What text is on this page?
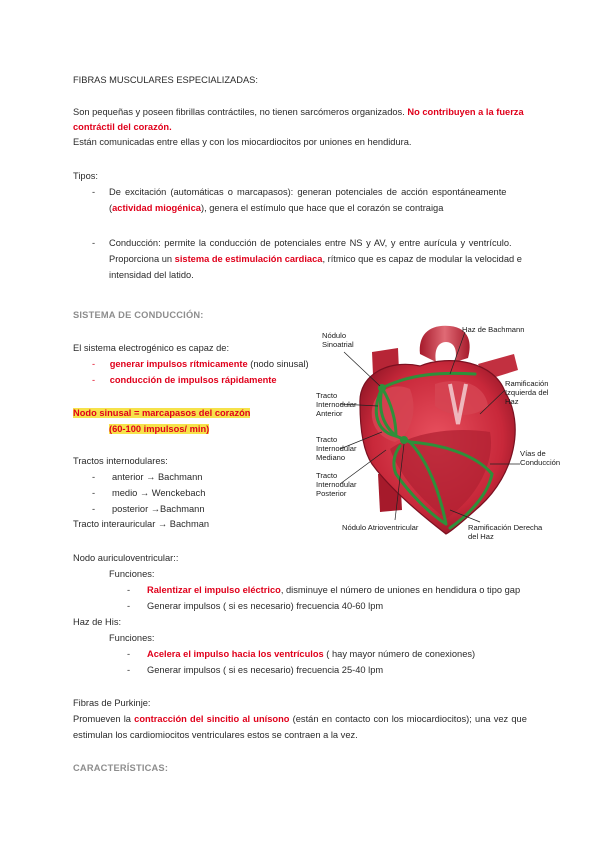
FIBRAS MUSCULARES ESPECIALIZADAS:
Son pequeñas y poseen fibrillas contráctiles, no tienen sarcómeros organizados. No contribuyen a la fuerza
contráctil del corazón.
Están comunicadas entre ellas y con los miocardiocitos por uniones en hendidura.
Tipos:
- De excitación (automáticas o marcapasos): generan potenciales de acción espontáneamente
(actividad miogénica), genera el estímulo que hace que el corazón se contraiga
- Conducción: permite la conducción de potenciales entre NS y AV, y entre aurícula y ventrículo.
Proporciona un sistema de estimulación cardiaca, rítmico que es capaz de modular la velocidad e
intensidad del latido.
SISTEMA DE CONDUCCIÓN:
El sistema electrogénico es capaz de:
- generar impulsos rítmicamente (nodo sinusal)
- conducción de impulsos rápidamente
Nodo sinusal = marcapasos del corazón
(60-100 impulsos/ min)
Tractos internodulares:
- anterior → Bachmann
- medio → Wenckebach
- posterior →Bachmann
Tracto interauricular → Bachman
Nódulo
Sinoatrial
Haz de Bachmann
Ramificación
Izquierda del
Haz
Tracto
Internodular
Anterior
Tracto
Internodular
Mediano
Tracto
Internodular
Posterior
Vías de
Conducción
Nódulo Atrioventricular	Ramificación Derecha
del Haz
Nodo auriculoventricular::
Funciones:
- Ralentizar el impulso eléctrico, disminuye el número de uniones en hendidura o tipo gap
- Generar impulsos ( si es necesario) frecuencia 40-60 lpm
Haz de His:
Funciones:
- Acelera el impulso hacia los ventrículos ( hay mayor número de conexiones)
- Generar impulsos ( si es necesario) frecuencia 25-40 lpm
Fibras de Purkinje:
Promueven la contracción del sincitio al unísono (están en contacto con los miocardiocitos); una vez que
estimulan los cardiomiocitos ventriculares estos se contraen a la vez.
CARACTERÍSTICAS:
